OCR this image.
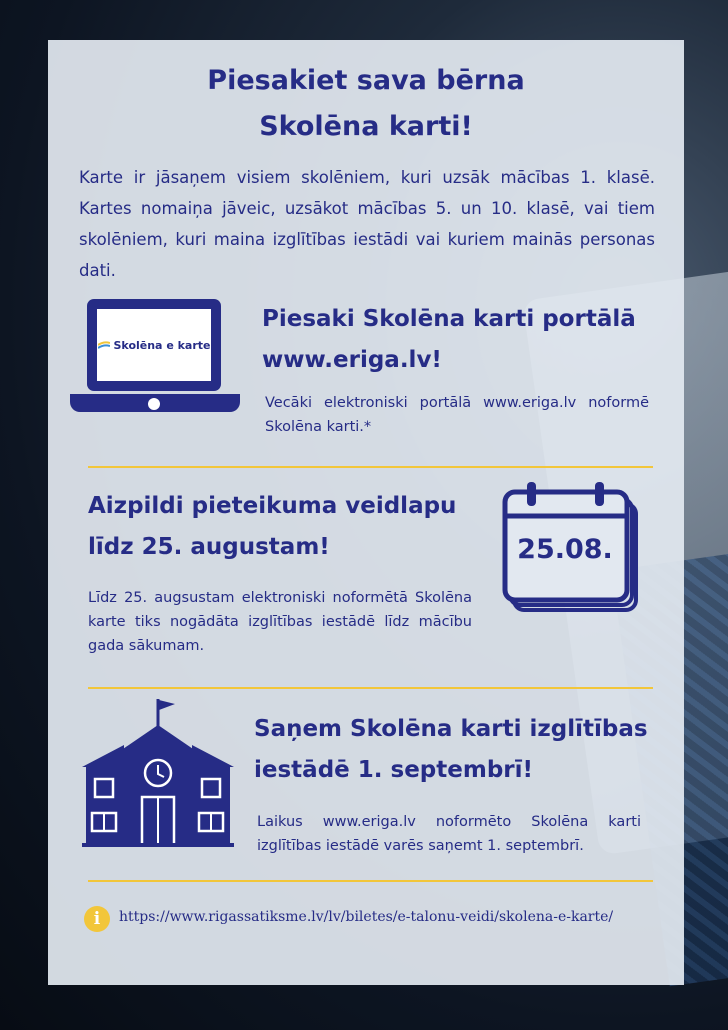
Piesakiet sava bērna
Skolēna karti!
Karte ir jāsaņem visiem skolēniem, kuri uzsāk mācības 1. klasē. Kartes nomaiņa jāveic, uzsākot mācības 5. un 10. klasē, vai tiem skolēniem, kuri maina izglītības iestādi vai kuriem mainās personas dati.
Skolēna e karte
Piesaki Skolēna karti portālā
www.eriga.lv!
Vecāki elektroniski portālā www.eriga.lv noformē Skolēna karti.*
Aizpildi pieteikuma veidlapu
līdz 25. augustam!
Līdz 25. augsustam elektroniski noformētā Skolēna karte tiks nogādāta izglītības iestādē līdz mācību gada sākumam.
25.08.
Saņem Skolēna karti izglītības
iestādē 1. septembrī!
Laikus www.eriga.lv noformēto Skolēna karti izglītības iestādē varēs saņemt 1. septembrī.
i	https://www.rigassatiksme.lv/lv/biletes/e-talonu-veidi/skolena-e-karte/
